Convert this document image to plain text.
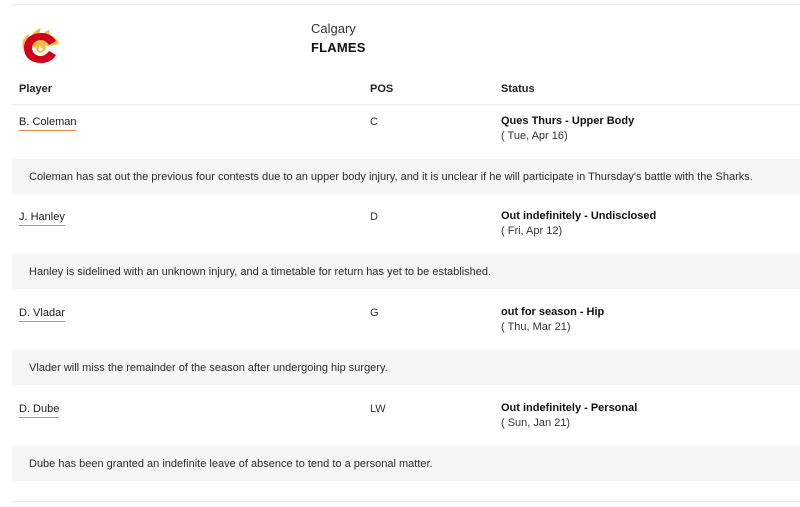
Calgary
FLAMES
Player	POS	Status
B. Coleman	C	Ques Thurs - Upper Body
( Tue, Apr 16)
Coleman has sat out the previous four contests due to an upper body injury, and it is unclear if he will participate in Thursday's battle with the Sharks.
J. Hanley	D	Out indefinitely - Undisclosed
( Fri, Apr 12)
Hanley is sidelined with an unknown injury, and a timetable for return has yet to be established.
D. Vladar	G	out for season - Hip
( Thu, Mar 21)
Vlader will miss the remainder of the season after undergoing hip surgery.
D. Dube	LW	Out indefinitely - Personal
( Sun, Jan 21)
Dube has been granted an indefinite leave of absence to tend to a personal matter.
